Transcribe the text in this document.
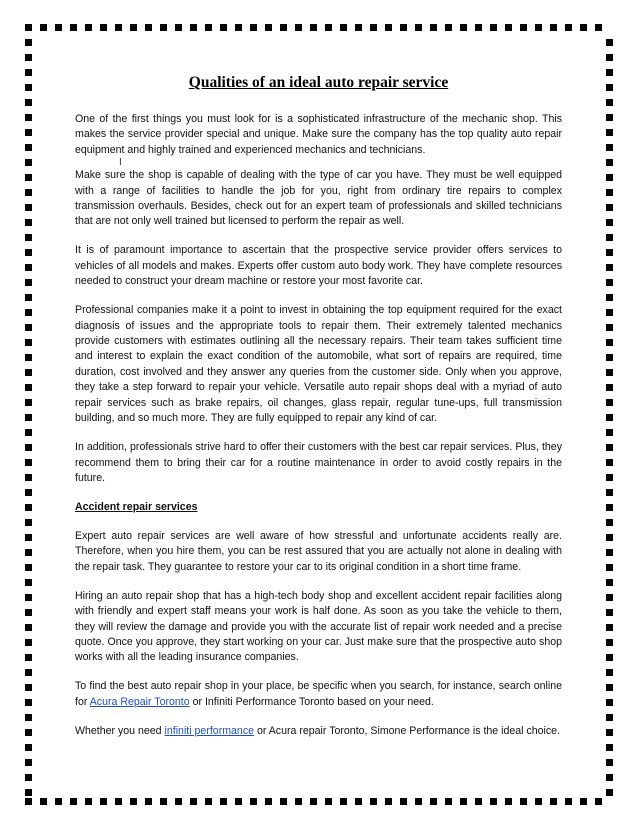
Qualities of an ideal auto repair service

One of the first things you must look for is a sophisticated infrastructure of the mechanic shop. This makes the service provider special and unique. Make sure the company has the top quality auto repair equipment and highly trained and experienced mechanics and technicians.

I

Make sure the shop is capable of dealing with the type of car you have. They must be well equipped with a range of facilities to handle the job for you, right from ordinary tire repairs to complex transmission overhauls. Besides, check out for an expert team of professionals and skilled technicians that are not only well trained but licensed to perform the repair as well.

It is of paramount importance to ascertain that the prospective service provider offers services to vehicles of all models and makes. Experts offer custom auto body work. They have complete resources needed to construct your dream machine or restore your most favorite car.

Professional companies make it a point to invest in obtaining the top equipment required for the exact diagnosis of issues and the appropriate tools to repair them. Their extremely talented mechanics provide customers with estimates outlining all the necessary repairs. Their team takes sufficient time and interest to explain the exact condition of the automobile, what sort of repairs are required, time duration, cost involved and they answer any queries from the customer side. Only when you approve, they take a step forward to repair your vehicle. Versatile auto repair shops deal with a myriad of auto repair services such as brake repairs, oil changes, glass repair, regular tune-ups, full transmission building, and so much more. They are fully equipped to repair any kind of car.

In addition, professionals strive hard to offer their customers with the best car repair services. Plus, they recommend them to bring their car for a routine maintenance in order to avoid costly repairs in the future.

Accident repair services

Expert auto repair services are well aware of how stressful and unfortunate accidents really are. Therefore, when you hire them, you can be rest assured that you are actually not alone in dealing with the repair task. They guarantee to restore your car to its original condition in a short time frame.

Hiring an auto repair shop that has a high-tech body shop and excellent accident repair facilities along with friendly and expert staff means your work is half done. As soon as you take the vehicle to them, they will review the damage and provide you with the accurate list of repair work needed and a precise quote. Once you approve, they start working on your car. Just make sure that the prospective auto shop works with all the leading insurance companies.

To find the best auto repair shop in your place, be specific when you search, for instance, search online for Acura Repair Toronto or Infiniti Performance Toronto based on your need.

Whether you need infiniti performance or Acura repair Toronto, Simone Performance is the ideal choice.
